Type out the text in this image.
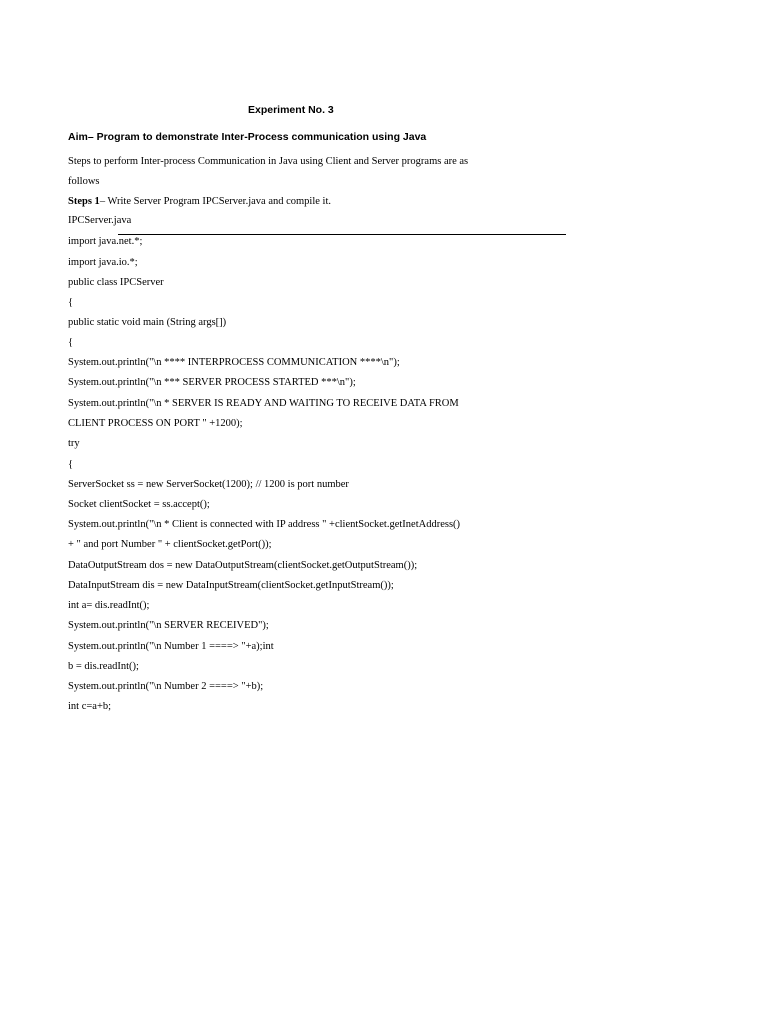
Experiment No. 3
Aim– Program to demonstrate Inter-Process communication using Java
Steps to perform Inter-process Communication in Java using Client and Server programs are as
follows
Steps 1– Write Server Program IPCServer.java and compile it.
IPCServer.java
import java.net.*;
import java.io.*;
public class IPCServer
{
public static void main (String args[])
{
System.out.println("\n **** INTERPROCESS COMMUNICATION ****\n");
System.out.println("\n *** SERVER PROCESS STARTED ***\n");
System.out.println("\n * SERVER IS READY AND WAITING TO RECEIVE DATA FROM
CLIENT PROCESS ON PORT " +1200);
try
{
ServerSocket ss = new ServerSocket(1200); // 1200 is port number
Socket clientSocket = ss.accept();
System.out.println("\n * Client is connected with IP address " +clientSocket.getInetAddress()
+ " and port Number " + clientSocket.getPort());
DataOutputStream dos = new DataOutputStream(clientSocket.getOutputStream());
DataInputStream dis = new DataInputStream(clientSocket.getInputStream());
int a= dis.readInt();
System.out.println("\n SERVER RECEIVED");
System.out.println("\n Number 1 ====> "+a);int
b = dis.readInt();
System.out.println("\n Number 2 ====> "+b);
int c=a+b;
